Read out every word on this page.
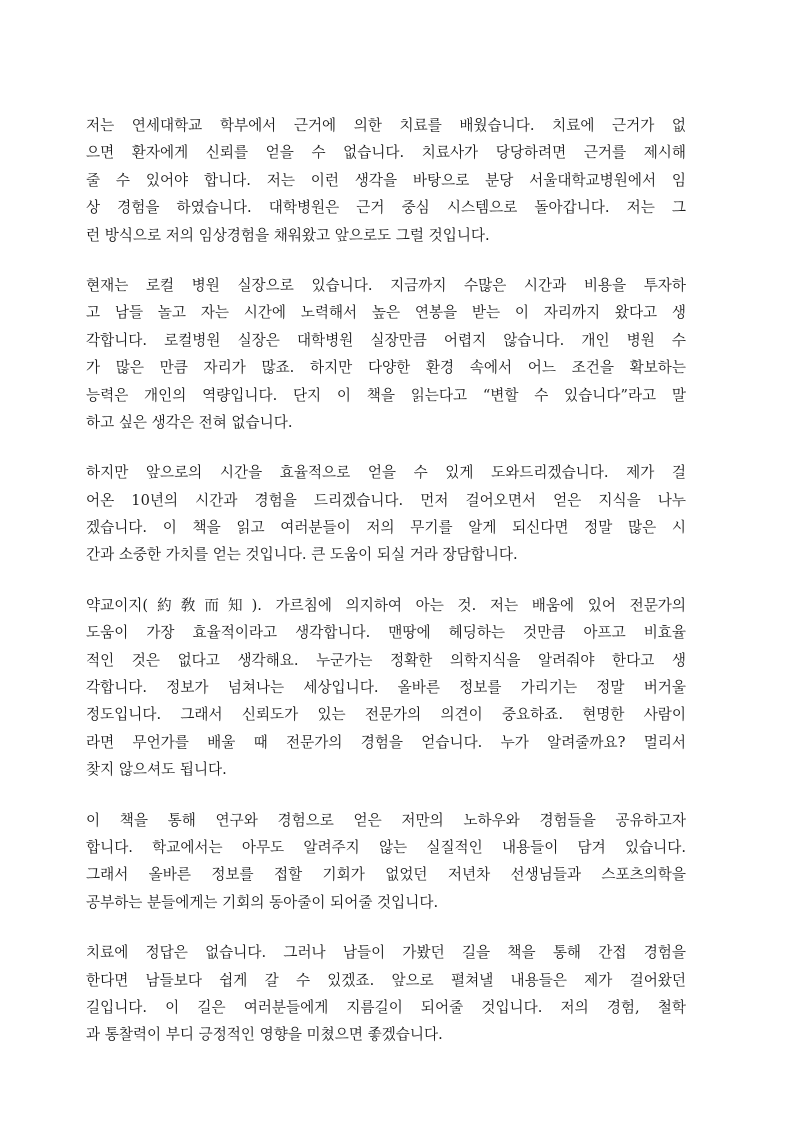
저는 연세대학교 학부에서 근거에 의한 치료를 배웠습니다. 치료에 근거가 없
으면 환자에게 신뢰를 얻을 수 없습니다. 치료사가 당당하려면 근거를 제시해
줄 수 있어야 합니다. 저는 이런 생각을 바탕으로 분당 서울대학교병원에서 임
상 경험을 하였습니다. 대학병원은 근거 중심 시스템으로 돌아갑니다. 저는 그
런 방식으로 저의 임상경험을 채워왔고 앞으로도 그럴 것입니다.
현재는 로컬 병원 실장으로 있습니다. 지금까지 수많은 시간과 비용을 투자하
고 남들 놀고 자는 시간에 노력해서 높은 연봉을 받는 이 자리까지 왔다고 생
각합니다. 로컬병원 실장은 대학병원 실장만큼 어렵지 않습니다. 개인 병원 수
가 많은 만큼 자리가 많죠. 하지만 다양한 환경 속에서 어느 조건을 확보하는
능력은 개인의 역량입니다. 단지 이 책을 읽는다고 “변할 수 있습니다”라고 말
하고 싶은 생각은 전혀 없습니다.
하지만 앞으로의 시간을 효율적으로 얻을 수 있게 도와드리겠습니다. 제가 걸
어온 10년의 시간과 경험을 드리겠습니다. 먼저 걸어오면서 얻은 지식을 나누
겠습니다. 이 책을 읽고 여러분들이 저의 무기를 알게 되신다면 정말 많은 시
간과 소중한 가치를 얻는 것입니다. 큰 도움이 되실 거라 장담합니다.
약교이지(約敎而知). 가르침에 의지하여 아는 것. 저는 배움에 있어 전문가의
도움이 가장 효율적이라고 생각합니다. 맨땅에 헤딩하는 것만큼 아프고 비효율
적인 것은 없다고 생각해요. 누군가는 정확한 의학지식을 알려줘야 한다고 생
각합니다. 정보가 넘쳐나는 세상입니다. 올바른 정보를 가리기는 정말 버거울
정도입니다. 그래서 신뢰도가 있는 전문가의 의견이 중요하죠. 현명한 사람이
라면 무언가를 배울 때 전문가의 경험을 얻습니다. 누가 알려줄까요? 멀리서
찾지 않으셔도 됩니다.
이 책을 통해 연구와 경험으로 얻은 저만의 노하우와 경험들을 공유하고자
합니다. 학교에서는 아무도 알려주지 않는 실질적인 내용들이 담겨 있습니다.
그래서 올바른 정보를 접할 기회가 없었던 저년차 선생님들과 스포츠의학을
공부하는 분들에게는 기회의 동아줄이 되어줄 것입니다.
치료에 정답은 없습니다. 그러나 남들이 가봤던 길을 책을 통해 간접 경험을
한다면 남들보다 쉽게 갈 수 있겠죠. 앞으로 펼쳐낼 내용들은 제가 걸어왔던
길입니다. 이 길은 여러분들에게 지름길이 되어줄 것입니다. 저의 경험, 철학
과 통찰력이 부디 긍정적인 영향을 미쳤으면 좋겠습니다.
